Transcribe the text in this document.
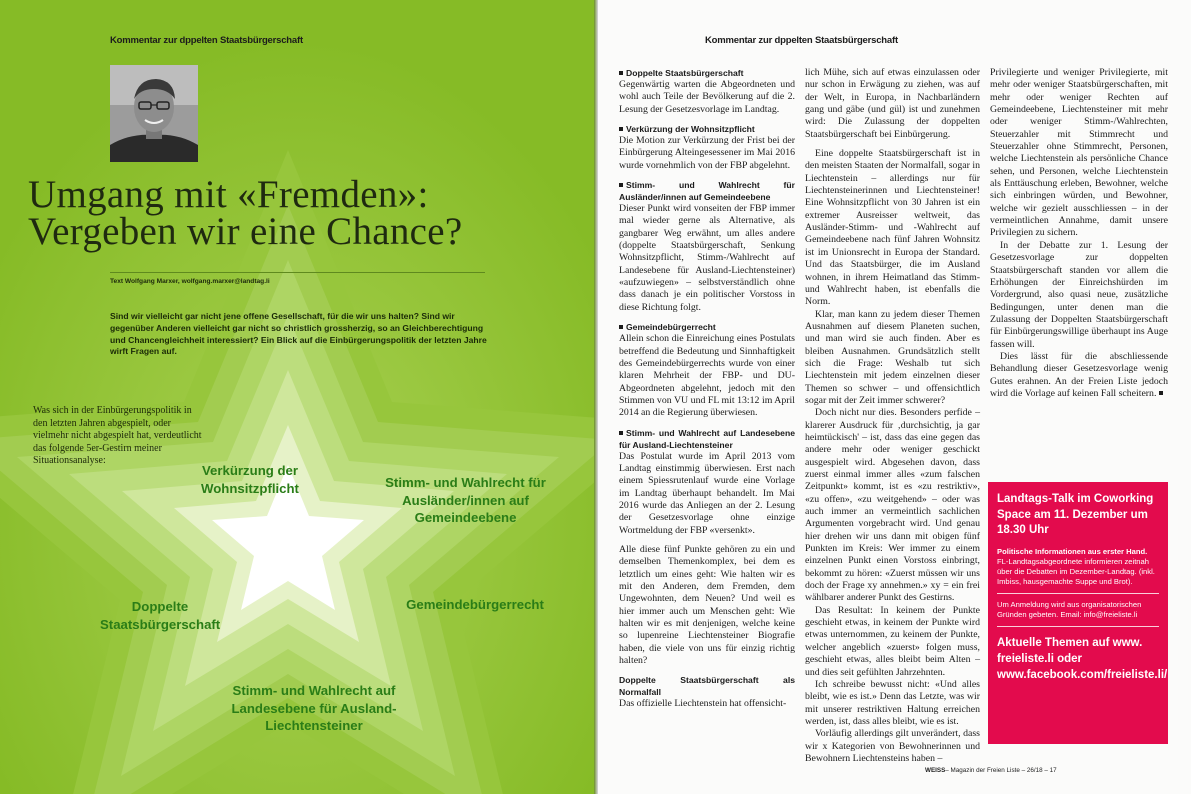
Kommentar zur dppelten Staatsbürgerschaft
Umgang mit «Fremden»:
Vergeben wir eine Chance?
Text Wolfgang Marxer, wolfgang.marxer@landtag.li
Sind wir vielleicht gar nicht jene offene Gesellschaft, für die wir uns halten? Sind wir gegenüber Anderen vielleicht gar nicht so christlich grossherzig, so an Gleichberechtigung und Chancengleichheit interessiert? Ein Blick auf die Einbürgerungspolitik der letzten Jahre wirft Fragen auf.
Was sich in der Einbürgerungspolitik in den letzten Jahren abgespielt, oder vielmehr nicht abgespielt hat, verdeutlicht das folgende 5er-Gestirn meiner Situationsanalyse:
Verkürzung der Wohnsitzpflicht	Stimm- und Wahlrecht für Ausländer/innen auf Gemeindeebene
Doppelte Staatsbürgerschaft
Gemeindebürgerrecht
Stimm- und Wahlrecht auf Landesebene für Ausland-Liechtensteiner
Kommentar zur dppelten Staatsbürgerschaft
Doppelte Staatsbürgerschaft

Gegenwärtig warten die Abgeordneten und wohl auch Teile der Bevölkerung auf die 2. Lesung der Gesetzesvorlage im Landtag.

Verkürzung der Wohnsitzpflicht

Die Motion zur Verkürzung der Frist bei der Einbürgerung Alteingesessener im Mai 2016 wurde vornehmlich von der FBP abgelehnt.

Stimm- und Wahlrecht für Ausländer/innen auf Gemeindeebene

Dieser Punkt wird vonseiten der FBP immer mal wieder gerne als Alternative, als gangbarer Weg erwähnt, um alles andere (doppelte Staatsbürgerschaft, Senkung Wohnsitzpflicht, Stimm-/Wahlrecht auf Landesebene für Ausland-Liechtensteiner) «aufzuwiegen» – selbstverständlich ohne dass danach je ein politischer Vorstoss in diese Richtung folgt.

Gemeindebürgerrecht

Allein schon die Einreichung eines Postulats betreffend die Bedeutung und Sinnhaftigkeit des Gemeindebürgerrechts wurde von einer klaren Mehrheit der FBP- und DU-Abgeordneten abgelehnt, jedoch mit den Stimmen von VU und FL mit 13:12 im April 2014 an die Regierung überwiesen.

Stimm- und Wahlrecht auf Landesebene für Ausland-Liechtensteiner

Das Postulat wurde im April 2013 vom Landtag einstimmig überwiesen. Erst nach einem Spiessrutenlauf wurde eine Vorlage im Landtag überhaupt behandelt. Im Mai 2016 wurde das Anliegen an der 2. Lesung der Gesetzesvorlage ohne einzige Wortmeldung der FBP «versenkt».

Alle diese fünf Punkte gehören zu ein und demselben Themenkomplex, bei dem es letztlich um eines geht: Wie halten wir es mit den Anderen, dem Fremden, dem Ungewohnten, dem Neuen? Und weil es hier immer auch um Menschen geht: Wie halten wir es mit denjenigen, welche keine so lupenreine Liechtensteiner Biografie haben, die viele von uns für einzig richtig halten?

Doppelte Staatsbürgerschaft als Normalfall

Das offizielle Liechtenstein hat offensicht-

lich Mühe, sich auf etwas einzulassen oder nur schon in Erwägung zu ziehen, was auf der Welt, in Europa, in Nachbarländern gang und gäbe (und gül) ist und zunehmen wird: Die Zulassung der doppelten Staatsbürgerschaft bei Einbürgerung.

Eine doppelte Staatsbürgerschaft ist in den meisten Staaten der Normalfall, sogar in Liechtenstein – allerdings nur für Liechtensteinerinnen und Liechtensteiner! Eine Wohnsitzpflicht von 30 Jahren ist ein extremer Ausreisser weltweit, das Ausländer-Stimm- und -Wahlrecht auf Gemeindeebene nach fünf Jahren Wohnsitz ist im Unionsrecht in Europa der Standard. Und das Staatsbürger, die im Ausland wohnen, in ihrem Heimatland das Stimm- und Wahlrecht haben, ist ebenfalls die Norm.

Klar, man kann zu jedem dieser Themen Ausnahmen auf diesem Planeten suchen, und man wird sie auch finden. Aber es bleiben Ausnahmen. Grundsätzlich stellt sich die Frage: Weshalb tut sich Liechtenstein mit jedem einzelnen dieser Themen so schwer – und offensichtlich sogar mit der Zeit immer schwerer?

Doch nicht nur dies. Besonders perfide – klarerer Ausdruck für ‚durchsichtig, ja gar heimtückisch' – ist, dass das eine gegen das andere mehr oder weniger geschickt ausgespielt wird. Abgesehen davon, dass zuerst einmal immer alles «zum falschen Zeitpunkt» kommt, ist es «zu restriktiv», «zu offen», «zu weitgehend» – oder was auch immer an vermeintlich sachlichen Argumenten vorgebracht wird. Und genau hier drehen wir uns dann mit obigen fünf Punkten im Kreis: Wer immer zu einem einzelnen Punkt einen Vorstoss einbringt, bekommt zu hören: «Zuerst müssen wir uns doch der Frage xy annehmen.» xy = ein frei wählbarer anderer Punkt des Gestirns.

Das Resultat: In keinem der Punkte geschieht etwas, in keinem der Punkte wird etwas unternommen, zu keinem der Punkte, welcher angeblich «zuerst» folgen muss, geschieht etwas, alles bleibt beim Alten – und dies seit gefühlten Jahrzehnten.

Ich schreibe bewusst nicht: «Und alles bleibt, wie es ist.» Denn das Letzte, was wir mit unserer restriktiven Haltung erreichen werden, ist, dass alles bleibt, wie es ist.

Vorläufig allerdings gilt unverändert, dass wir x Kategorien von Bewohnerinnen und Bewohnern Liechtensteins haben –

Privilegierte und weniger Privilegierte, mit mehr oder weniger Staatsbürgerschaften, mit mehr oder weniger Rechten auf Gemeindeebene, Liechtensteiner mit mehr oder weniger Stimm-/Wahlrechten, Steuerzahler mit Stimmrecht und Steuerzahler ohne Stimmrecht, Personen, welche Liechtenstein als persönliche Chance sehen, und Personen, welche Liechtenstein als Enttäuschung erleben, Bewohner, welche sich einbringen würden, und Bewohner, welche wir gezielt ausschliessen – in der vermeintlichen Annahme, damit unsere Privilegien zu sichern.

In der Debatte zur 1. Lesung der Gesetzesvorlage zur doppelten Staatsbürgerschaft standen vor allem die Erhöhungen der Einreichshürden im Vordergrund, also quasi neue, zusätzliche Bedingungen, unter denen man die Zulassung der Doppelten Staatsbürgerschaft für Einbürgerungswillige überhaupt ins Auge fassen will.

Dies lässt für die abschliessende Behandlung dieser Gesetzesvorlage wenig Gutes erahnen. An der Freien Liste jedoch wird die Vorlage auf keinen Fall scheitern.

WEISS– Magazin der Freien Liste – 26/18 – 17
Landtags-Talk im Coworking Space am 11. Dezember um 18.30 Uhr
Politische Informationen aus erster Hand. FL-Landtagsabgeordnete informieren zeitnah über die Debatten im Dezember-Landtag. (inkl. Imbiss, hausgemachte Suppe und Brot).
Um Anmeldung wird aus organisatorischen Gründen gebeten. Email: info@freieliste.li
Aktuelle Themen auf www. freieliste.li oder www.facebook.com/freieliste.li/
